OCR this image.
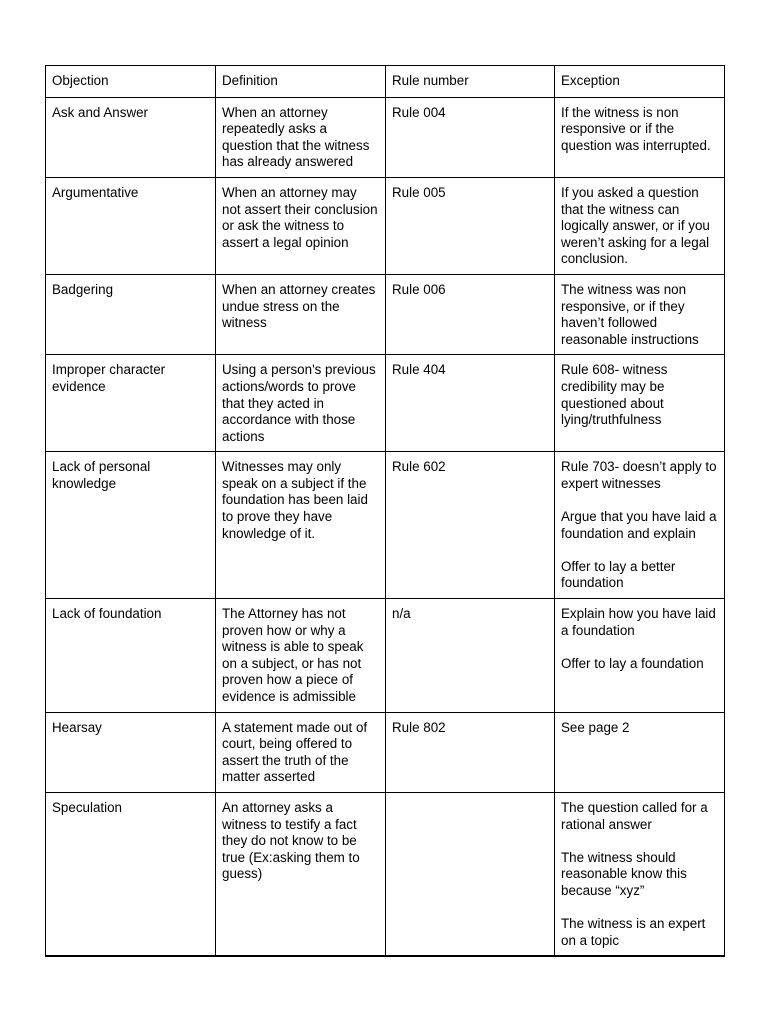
Objection	Definition	Rule number	Exception
Ask and Answer	When an attorney repeatedly asks a question that the witness has already answered	Rule 004	If the witness is non responsive or if the question was interrupted.

Argumentative	When an attorney may not assert their conclusion or ask the witness to assert a legal opinion	Rule 005	If you asked a question that the witness can logically answer, or if you weren’t asking for a legal conclusion.

Badgering	When an attorney creates undue stress on the witness	Rule 006	The witness was non responsive, or if they haven’t followed reasonable instructions

Improper character evidence	Using a person's previous actions/words to prove that they acted in accordance with those actions	Rule 404	Rule 608- witness credibility may be questioned about lying/truthfulness

Lack of personal knowledge	Witnesses may only speak on a subject if the foundation has been laid to prove they have knowledge of it.	Rule 602	Rule 703- doesn’t apply to expert witnesses
Argue that you have laid a foundation and explain
Offer to lay a better foundation

Lack of foundation	The Attorney has not proven how or why a witness is able to speak on a subject, or has not proven how a piece of evidence is admissible	n/a	Explain how you have laid a foundation
Offer to lay a foundation

Hearsay	A statement made out of court, being offered to assert the truth of the matter asserted	Rule 802	See page 2

Speculation	An attorney asks a witness to testify a fact they do not know to be true (Ex:asking them to guess)		The question called for a rational answer
The witness should reasonable know this because “xyz”
The witness is an expert on a topic
